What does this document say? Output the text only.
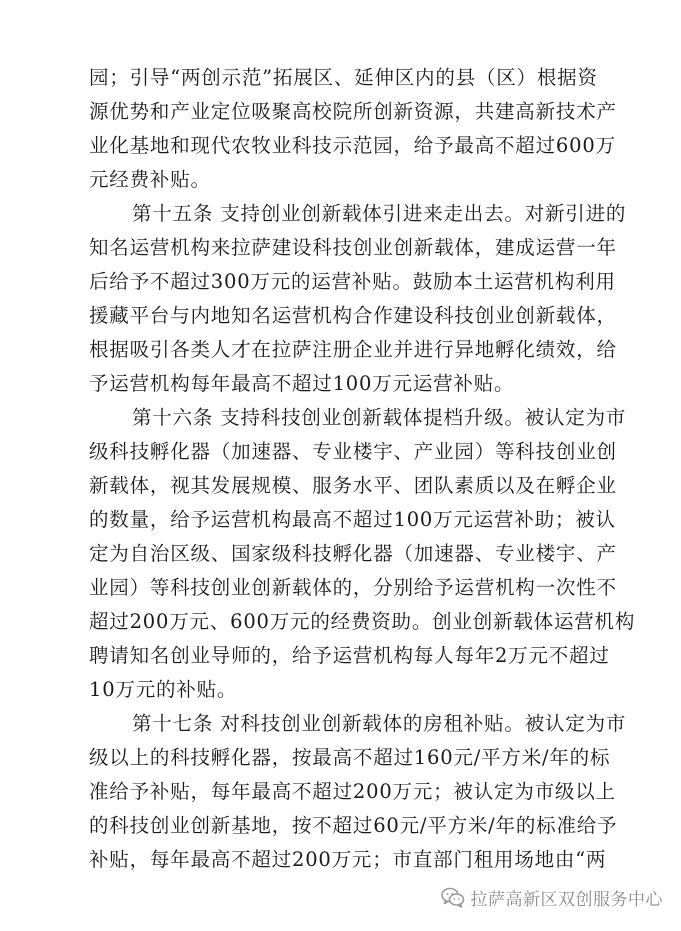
园；引导“两创示范”拓展区、延伸区内的县（区）根据资
源优势和产业定位吸聚高校院所创新资源，共建高新技术产
业化基地和现代农牧业科技示范园，给予最高不超过600万
元经费补贴。
第十五条 支持创业创新载体引进来走出去。对新引进的
知名运营机构来拉萨建设科技创业创新载体，建成运营一年
后给予不超过300万元的运营补贴。鼓励本土运营机构利用
援藏平台与内地知名运营机构合作建设科技创业创新载体，
根据吸引各类人才在拉萨注册企业并进行异地孵化绩效，给
予运营机构每年最高不超过100万元运营补贴。
第十六条 支持科技创业创新载体提档升级。被认定为市
级科技孵化器（加速器、专业楼宇、产业园）等科技创业创
新载体，视其发展规模、服务水平、团队素质以及在孵企业
的数量，给予运营机构最高不超过100万元运营补助；被认
定为自治区级、国家级科技孵化器（加速器、专业楼宇、产
业园）等科技创业创新载体的，分别给予运营机构一次性不
超过200万元、600万元的经费资助。创业创新载体运营机构
聘请知名创业导师的，给予运营机构每人每年2万元不超过
10万元的补贴。
第十七条 对科技创业创新载体的房租补贴。被认定为市
级以上的科技孵化器，按最高不超过160元/平方米/年的标
准给予补贴，每年最高不超过200万元；被认定为市级以上
的科技创业创新基地，按不超过60元/平方米/年的标准给予
补贴，每年最高不超过200万元；市直部门租用场地由“两
拉萨高新区双创服务中心
